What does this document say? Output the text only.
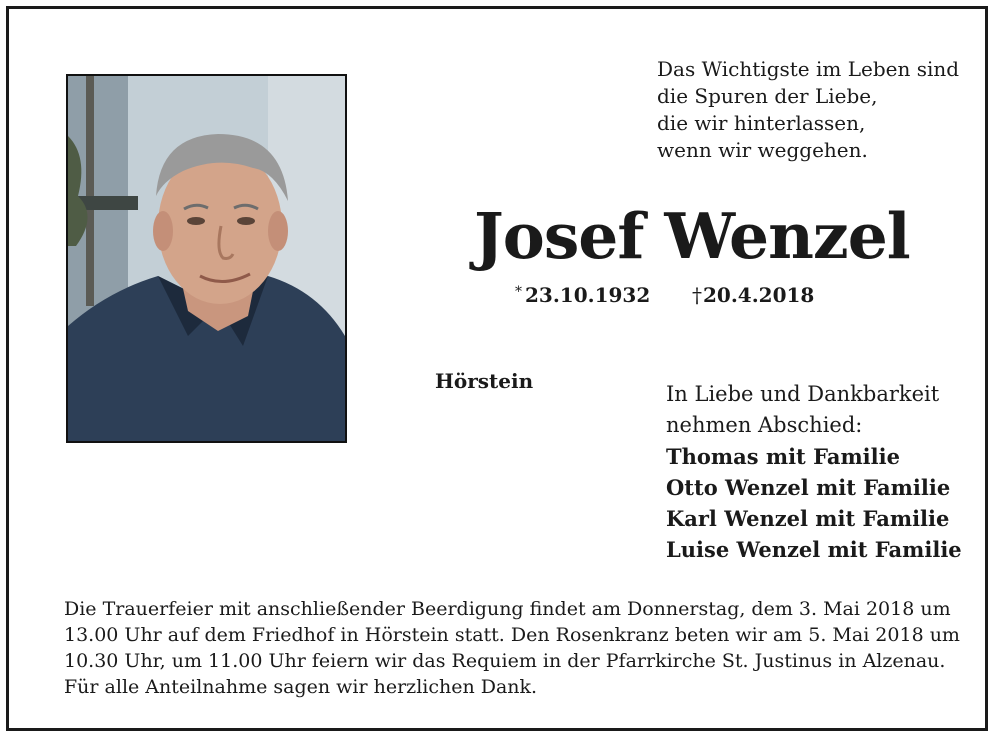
Das Wichtigste im Leben sind
die Spuren der Liebe,
die wir hinterlassen,
wenn wir weggehen.
Josef Wenzel
* 23.10.1932 †20.4.2018
Hörstein
In Liebe und Dankbarkeit
nehmen Abschied:
Thomas mit Familie
Otto Wenzel mit Familie
Karl Wenzel mit Familie
Luise Wenzel mit Familie
Die Trauerfeier mit anschließender Beerdigung findet am Donnerstag, dem 3. Mai 2018 um
13.00 Uhr auf dem Friedhof in Hörstein statt. Den Rosenkranz beten wir am 5. Mai 2018 um
10.30 Uhr, um 11.00 Uhr feiern wir das Requiem in der Pfarrkirche St. Justinus in Alzenau.
Für alle Anteilnahme sagen wir herzlichen Dank.
